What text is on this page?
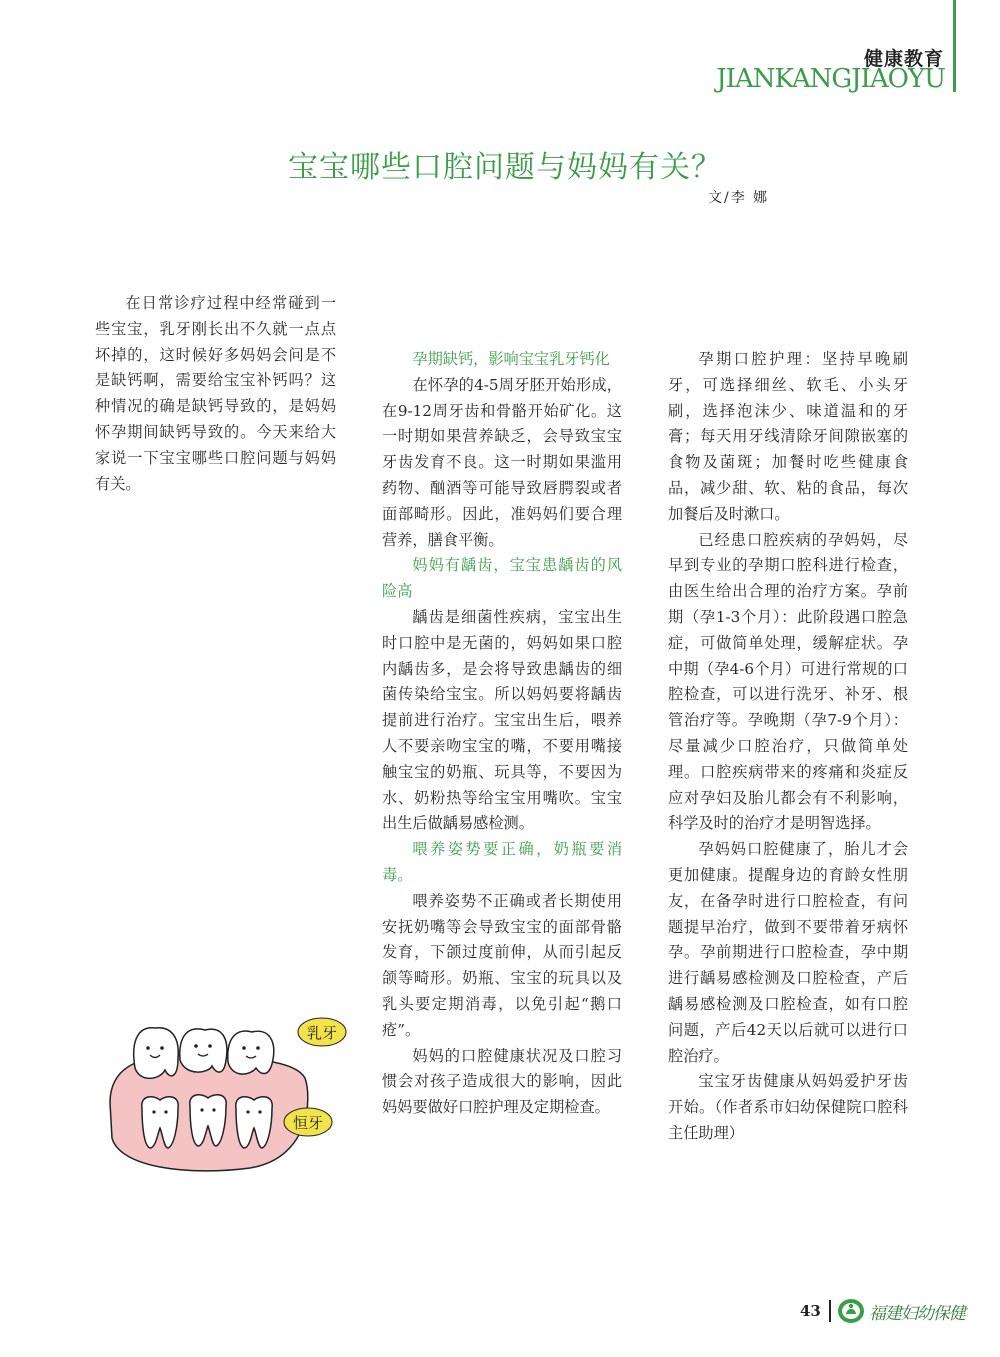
健康教育
JIANKANGJIAOYU
宝宝哪些口腔问题与妈妈有关？
文/李 娜

在日常诊疗过程中经常碰到一些宝宝，乳牙刚长出不久就一点点坏掉的，这时候好多妈妈会问是不是缺钙啊，需要给宝宝补钙吗？这种情况的确是缺钙导致的，是妈妈怀孕期间缺钙导致的。今天来给大家说一下宝宝哪些口腔问题与妈妈有关。

孕期缺钙，影响宝宝乳牙钙化

在怀孕的4-5周牙胚开始形成，在9-12周牙齿和骨骼开始矿化。这一时期如果营养缺乏，会导致宝宝牙齿发育不良。这一时期如果滥用药物、酗酒等可能导致唇腭裂或者面部畸形。因此，准妈妈们要合理营养，膳食平衡。

妈妈有龋齿，宝宝患龋齿的风险高

龋齿是细菌性疾病，宝宝出生时口腔中是无菌的，妈妈如果口腔内龋齿多，是会将导致患龋齿的细菌传染给宝宝。所以妈妈要将龋齿提前进行治疗。宝宝出生后，喂养人不要亲吻宝宝的嘴，不要用嘴接触宝宝的奶瓶、玩具等，不要因为水、奶粉热等给宝宝用嘴吹。宝宝出生后做龋易感检测。

喂养姿势要正确，奶瓶要消毒。

喂养姿势不正确或者长期使用安抚奶嘴等会导致宝宝的面部骨骼发育，下颌过度前伸，从而引起反颌等畸形。奶瓶、宝宝的玩具以及乳头要定期消毒，以免引起“鹅口疮”。

妈妈的口腔健康状况及口腔习惯会对孩子造成很大的影响，因此妈妈要做好口腔护理及定期检查。

孕期口腔护理：坚持早晚刷牙，可选择细丝、软毛、小头牙刷，选择泡沫少、味道温和的牙膏；每天用牙线清除牙间隙嵌塞的食物及菌斑；加餐时吃些健康食品，减少甜、软、粘的食品，每次加餐后及时漱口。

已经患口腔疾病的孕妈妈，尽早到专业的孕期口腔科进行检查，由医生给出合理的治疗方案。孕前期（孕1-3个月）：此阶段遇口腔急症，可做简单处理，缓解症状。孕中期（孕4-6个月）可进行常规的口腔检查，可以进行洗牙、补牙、根管治疗等。孕晚期（孕7-9个月）：尽量减少口腔治疗，只做简单处理。口腔疾病带来的疼痛和炎症反应对孕妇及胎儿都会有不利影响，科学及时的治疗才是明智选择。

孕妈妈口腔健康了，胎儿才会更加健康。提醒身边的育龄女性朋友，在备孕时进行口腔检查，有问题提早治疗，做到不要带着牙病怀孕。孕前期进行口腔检查，孕中期进行龋易感检测及口腔检查，产后龋易感检测及口腔检查，如有口腔问题，产后42天以后就可以进行口腔治疗。

宝宝牙齿健康从妈妈爱护牙齿开始。（作者系市妇幼保健院口腔科主任助理）

乳牙
恒牙
43	福建妇幼保健
